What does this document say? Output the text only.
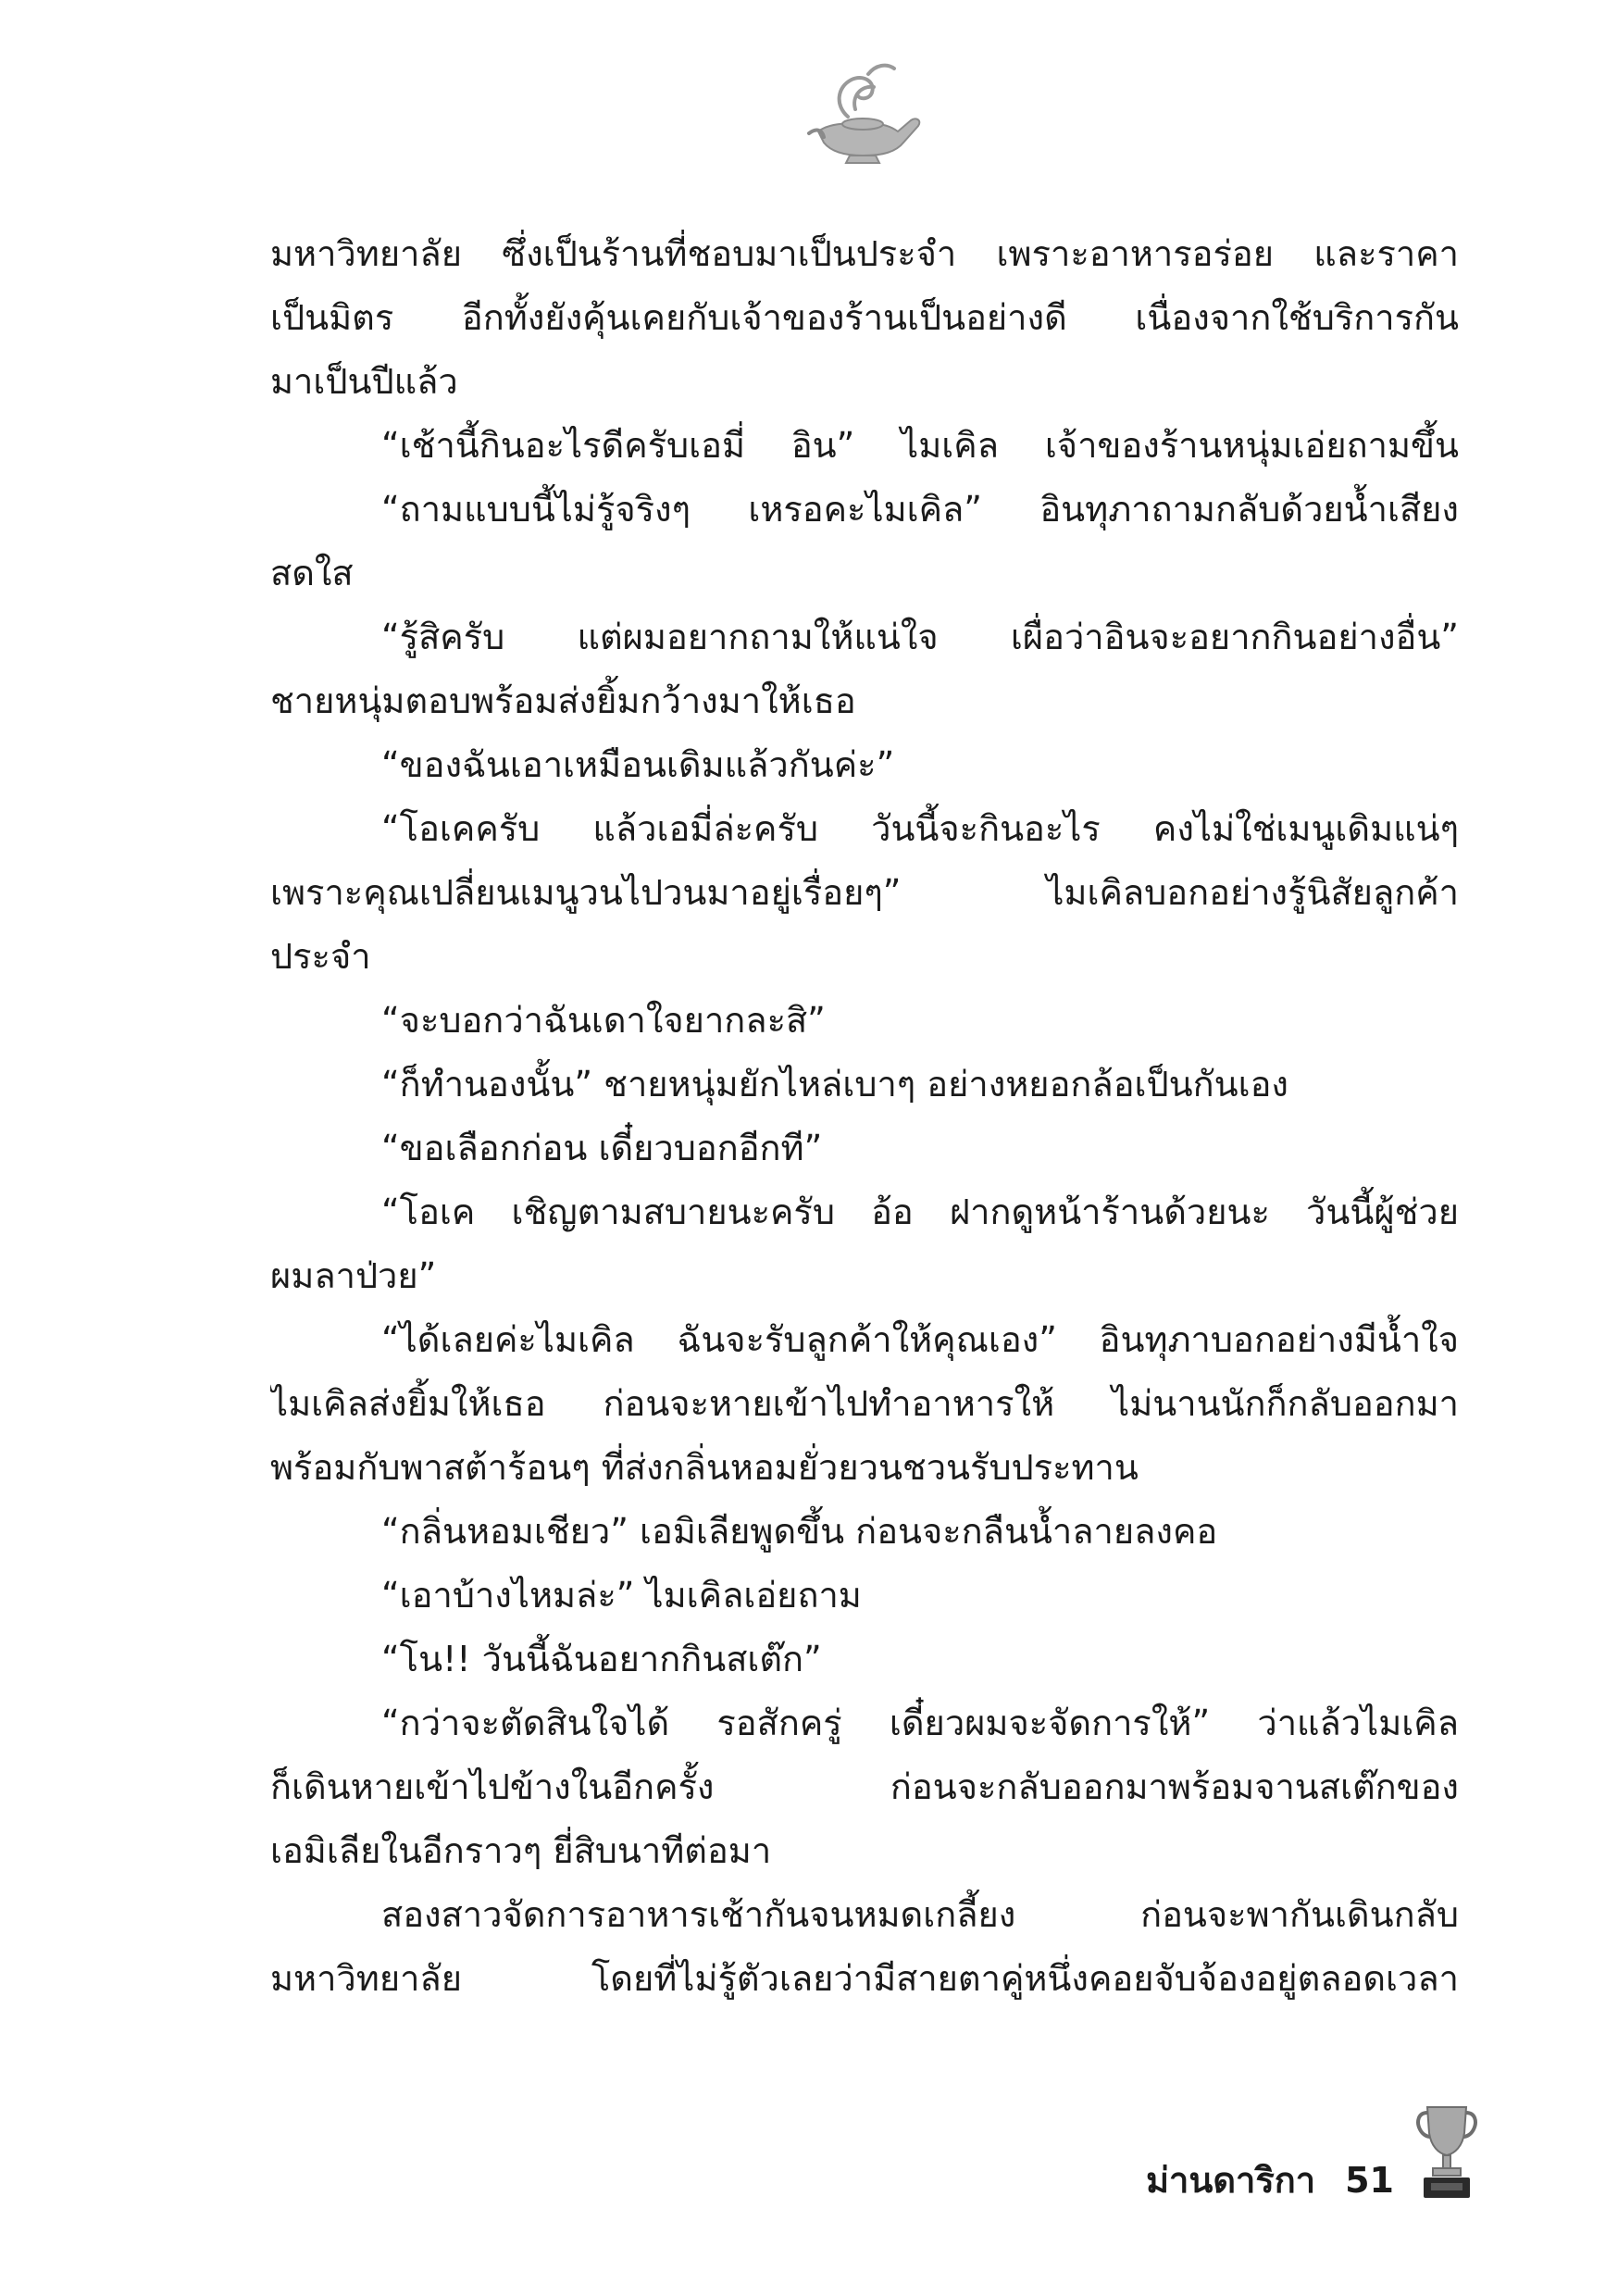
มหาวิทยาลัย ซึ่งเป็นร้านที่ชอบมาเป็นประจำ เพราะอาหารอร่อย และราคา
เป็นมิตร อีกทั้งยังคุ้นเคยกับเจ้าของร้านเป็นอย่างดี เนื่องจากใช้บริการกัน
มาเป็นปีแล้ว
“เช้านี้กินอะไรดีครับเอมี่ อิน” ไมเคิล เจ้าของร้านหนุ่มเอ่ยถามขึ้น
“ถามแบบนี้ไม่รู้จริงๆ เหรอคะไมเคิล” อินทุภาถามกลับด้วยน้ำเสียง
สดใส
“รู้สิครับ แต่ผมอยากถามให้แน่ใจ เผื่อว่าอินจะอยากกินอย่างอื่น”
ชายหนุ่มตอบพร้อมส่งยิ้มกว้างมาให้เธอ
“ของฉันเอาเหมือนเดิมแล้วกันค่ะ”
“โอเคครับ แล้วเอมี่ล่ะครับ วันนี้จะกินอะไร คงไม่ใช่เมนูเดิมแน่ๆ
เพราะคุณเปลี่ยนเมนูวนไปวนมาอยู่เรื่อยๆ” ไมเคิลบอกอย่างรู้นิสัยลูกค้า
ประจำ
“จะบอกว่าฉันเดาใจยากละสิ”
“ก็ทำนองนั้น” ชายหนุ่มยักไหล่เบาๆ อย่างหยอกล้อเป็นกันเอง
“ขอเลือกก่อน เดี๋ยวบอกอีกที”
“โอเค เชิญตามสบายนะครับ อ้อ ฝากดูหน้าร้านด้วยนะ วันนี้ผู้ช่วย
ผมลาป่วย”
“ได้เลยค่ะไมเคิล ฉันจะรับลูกค้าให้คุณเอง” อินทุภาบอกอย่างมีน้ำใจ
ไมเคิลส่งยิ้มให้เธอ ก่อนจะหายเข้าไปทำอาหารให้ ไม่นานนักก็กลับออกมา
พร้อมกับพาสต้าร้อนๆ ที่ส่งกลิ่นหอมยั่วยวนชวนรับประทาน
“กลิ่นหอมเชียว” เอมิเลียพูดขึ้น ก่อนจะกลืนน้ำลายลงคอ
“เอาบ้างไหมล่ะ” ไมเคิลเอ่ยถาม
“โน!! วันนี้ฉันอยากกินสเต๊ก”
“กว่าจะตัดสินใจได้ รอสักครู่ เดี๋ยวผมจะจัดการให้” ว่าแล้วไมเคิล
ก็เดินหายเข้าไปข้างในอีกครั้ง ก่อนจะกลับออกมาพร้อมจานสเต๊กของ
เอมิเลียในอีกราวๆ ยี่สิบนาทีต่อมา
สองสาวจัดการอาหารเช้ากันจนหมดเกลี้ยง ก่อนจะพากันเดินกลับ
มหาวิทยาลัย โดยที่ไม่รู้ตัวเลยว่ามีสายตาคู่หนึ่งคอยจับจ้องอยู่ตลอดเวลา
ม่านดาริกา 51
